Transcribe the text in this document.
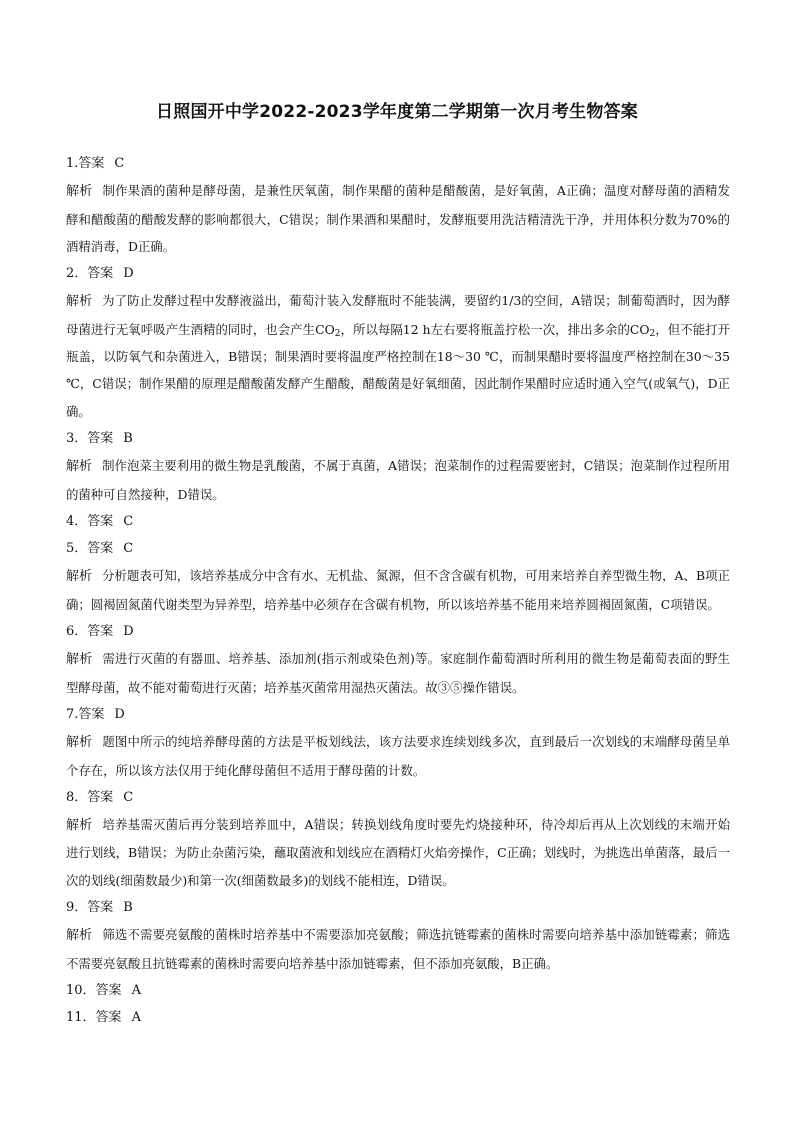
日照国开中学2022-2023学年度第二学期第一次月考生物答案
1.答案 C
解析 制作果酒的菌种是酵母菌，是兼性厌氧菌，制作果醋的菌种是醋酸菌，是好氧菌，A正确；温度对酵母菌的酒精发酵和醋酸菌的醋酸发酵的影响都很大，C错误；制作果酒和果醋时，发酵瓶要用洗洁精清洗干净，并用体积分数为70%的酒精消毒，D正确。
2．答案 D
解析 为了防止发酵过程中发酵液溢出，葡萄汁装入发酵瓶时不能装满，要留约1/3的空间，A错误；制葡萄酒时，因为酵母菌进行无氧呼吸产生酒精的同时，也会产生$CO_2$，所以每隔12 h左右要将瓶盖拧松一次，排出多余的$CO_2$，但不能打开瓶盖，以防氧气和杂菌进入，B错误；制果酒时要将温度严格控制在18～30 ℃，而制果醋时要将温度严格控制在30～35 ℃，C错误；制作果醋的原理是醋酸菌发酵产生醋酸，醋酸菌是好氧细菌，因此制作果醋时应适时通入空气(或氧气)，D正确。
3．答案 B
解析 制作泡菜主要利用的微生物是乳酸菌，不属于真菌，A错误；泡菜制作的过程需要密封，C错误；泡菜制作过程所用的菌种可自然接种，D错误。
4．答案 C
5．答案 C
解析 分析题表可知，该培养基成分中含有水、无机盐、氮源，但不含含碳有机物，可用来培养自养型微生物，A、B项正确；圆褐固氮菌代谢类型为异养型，培养基中必须存在含碳有机物，所以该培养基不能用来培养圆褐固氮菌，C项错误。
6．答案 D
解析 需进行灭菌的有器皿、培养基、添加剂(指示剂或染色剂)等。家庭制作葡萄酒时所利用的微生物是葡萄表面的野生型酵母菌，故不能对葡萄进行灭菌；培养基灭菌常用湿热灭菌法。故③⑤操作错误。
7.答案 D
解析 题图中所示的纯培养酵母菌的方法是平板划线法，该方法要求连续划线多次，直到最后一次划线的末端酵母菌呈单个存在，所以该方法仅用于纯化酵母菌但不适用于酵母菌的计数。
8．答案 C
解析 培养基需灭菌后再分装到培养皿中，A错误；转换划线角度时要先灼烧接种环，待冷却后再从上次划线的末端开始进行划线，B错误；为防止杂菌污染，蘸取菌液和划线应在酒精灯火焰旁操作，C正确；划线时，为挑选出单菌落，最后一次的划线(细菌数最少)和第一次(细菌数最多)的划线不能相连，D错误。
9．答案 B
解析 筛选不需要亮氨酸的菌株时培养基中不需要添加亮氨酸；筛选抗链霉素的菌株时需要向培养基中添加链霉素；筛选不需要亮氨酸且抗链霉素的菌株时需要向培养基中添加链霉素，但不添加亮氨酸，B正确。
10．答案 A
11．答案 A
